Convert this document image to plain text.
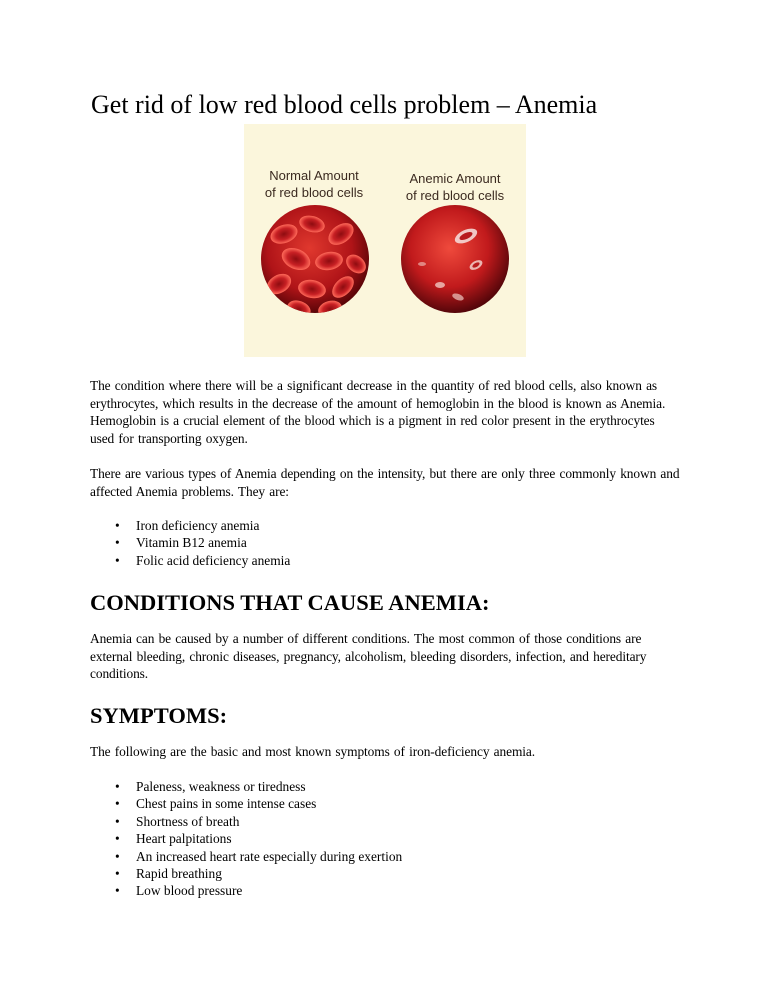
Get rid of low red blood cells problem – Anemia
Normal Amount
of red blood cells
Anemic Amount
of red blood cells

The condition where there will be a significant decrease in the quantity of red blood cells, also known as erythrocytes, which results in the decrease of the amount of hemoglobin in the blood is known as Anemia. Hemoglobin is a crucial element of the blood which is a pigment in red color present in the erythrocytes used for transporting oxygen.

There are various types of Anemia depending on the intensity, but there are only three commonly known and affected Anemia problems. They are:

• Iron deficiency anemia
• Vitamin B12 anemia
• Folic acid deficiency anemia
CONDITIONS THAT CAUSE ANEMIA:

Anemia can be caused by a number of different conditions. The most common of those conditions are external bleeding, chronic diseases, pregnancy, alcoholism, bleeding disorders, infection, and hereditary conditions.

SYMPTOMS:

The following are the basic and most known symptoms of iron-deficiency anemia.

• Paleness, weakness or tiredness
• Chest pains in some intense cases
• Shortness of breath
• Heart palpitations
• An increased heart rate especially during exertion
• Rapid breathing
• Low blood pressure
